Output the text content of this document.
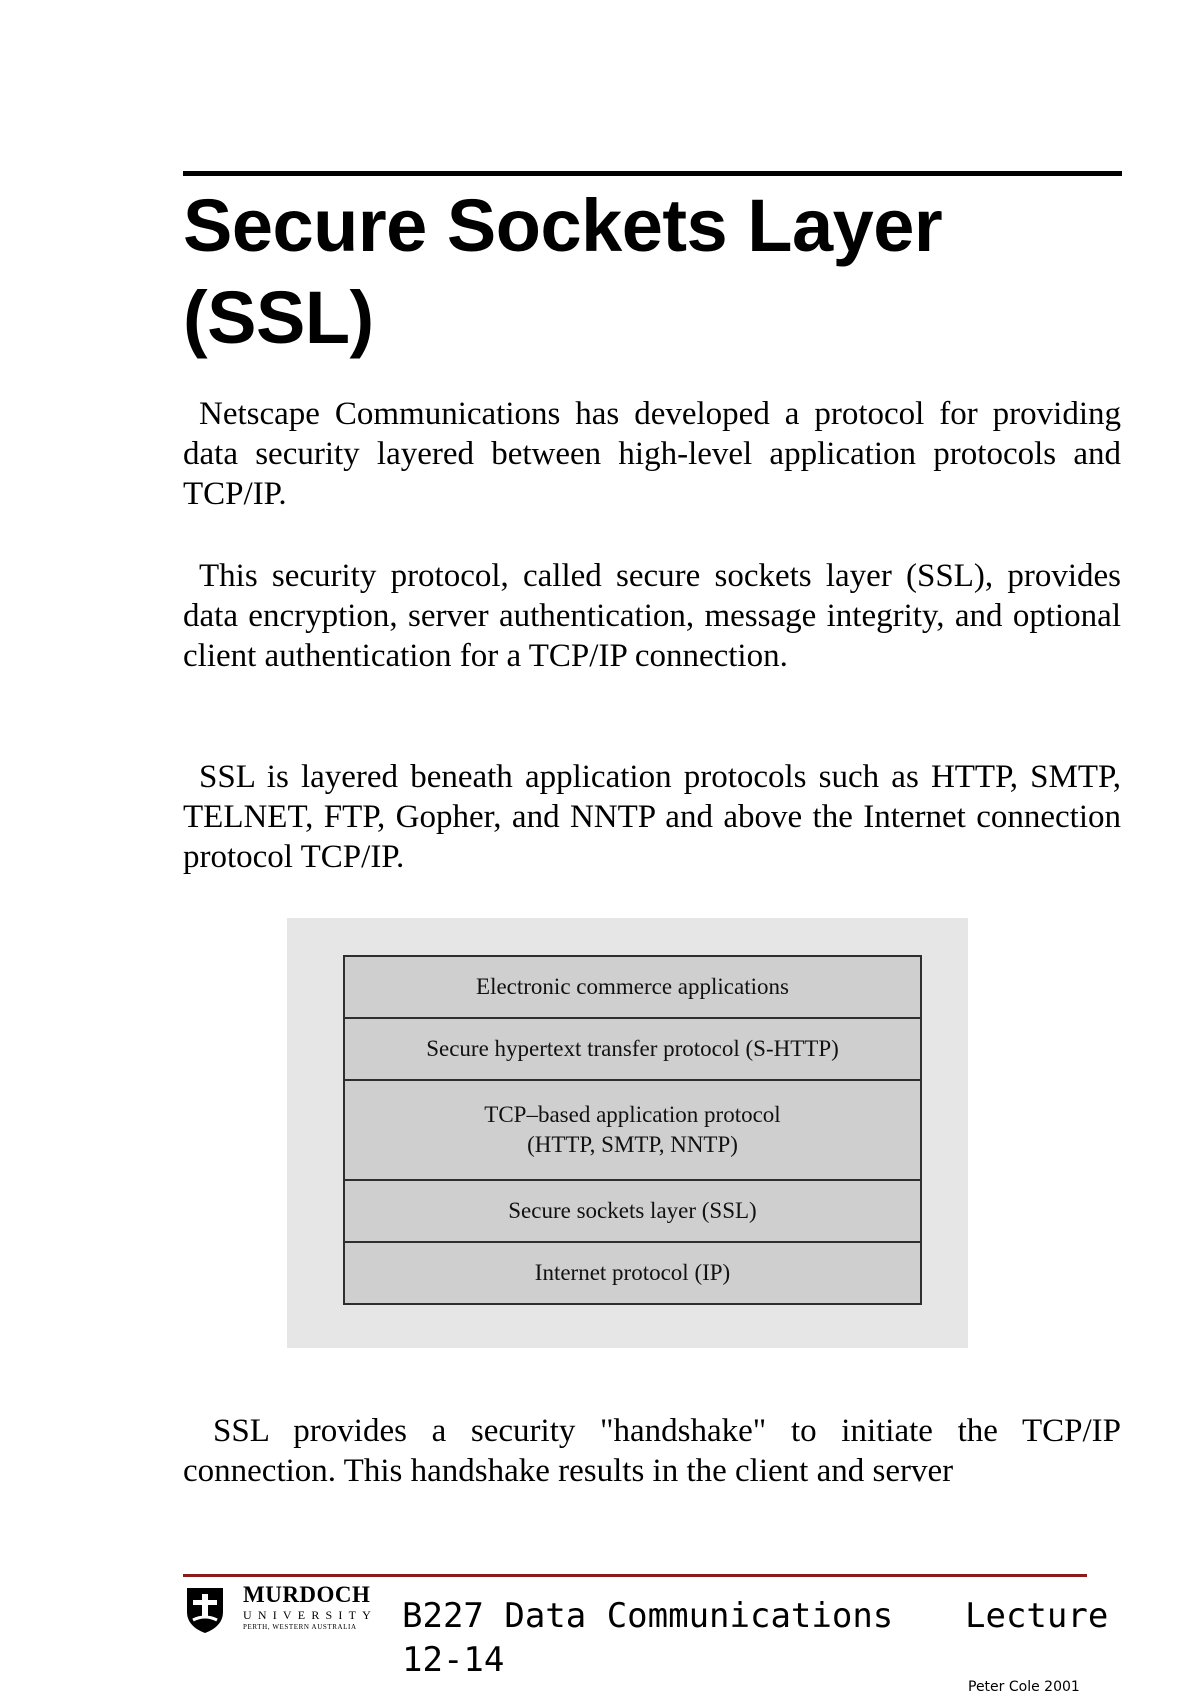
Secure Sockets Layer
(SSL)

Netscape Communications has developed a protocol for providing data security layered between high-level application protocols and TCP/IP.

This security protocol, called secure sockets layer (SSL), provides data encryption, server authentication, message integrity, and optional client authentication for a TCP/IP connection.

SSL is layered beneath application protocols such as HTTP, SMTP, TELNET, FTP, Gopher, and NNTP and above the Internet connection protocol TCP/IP.

Electronic commerce applications
Secure hypertext transfer protocol (S-HTTP)
TCP–based application protocol
(HTTP, SMTP, NNTP)
Secure sockets layer (SSL)
Internet protocol (IP)

SSL provides a security "handshake" to initiate the TCP/IP connection. This handshake results in the client and server

MURDOCH
UNIVERSITY
PERTH, WESTERN AUSTRALIA B227 Data Communications Lecture
12-14
Peter Cole 2001
